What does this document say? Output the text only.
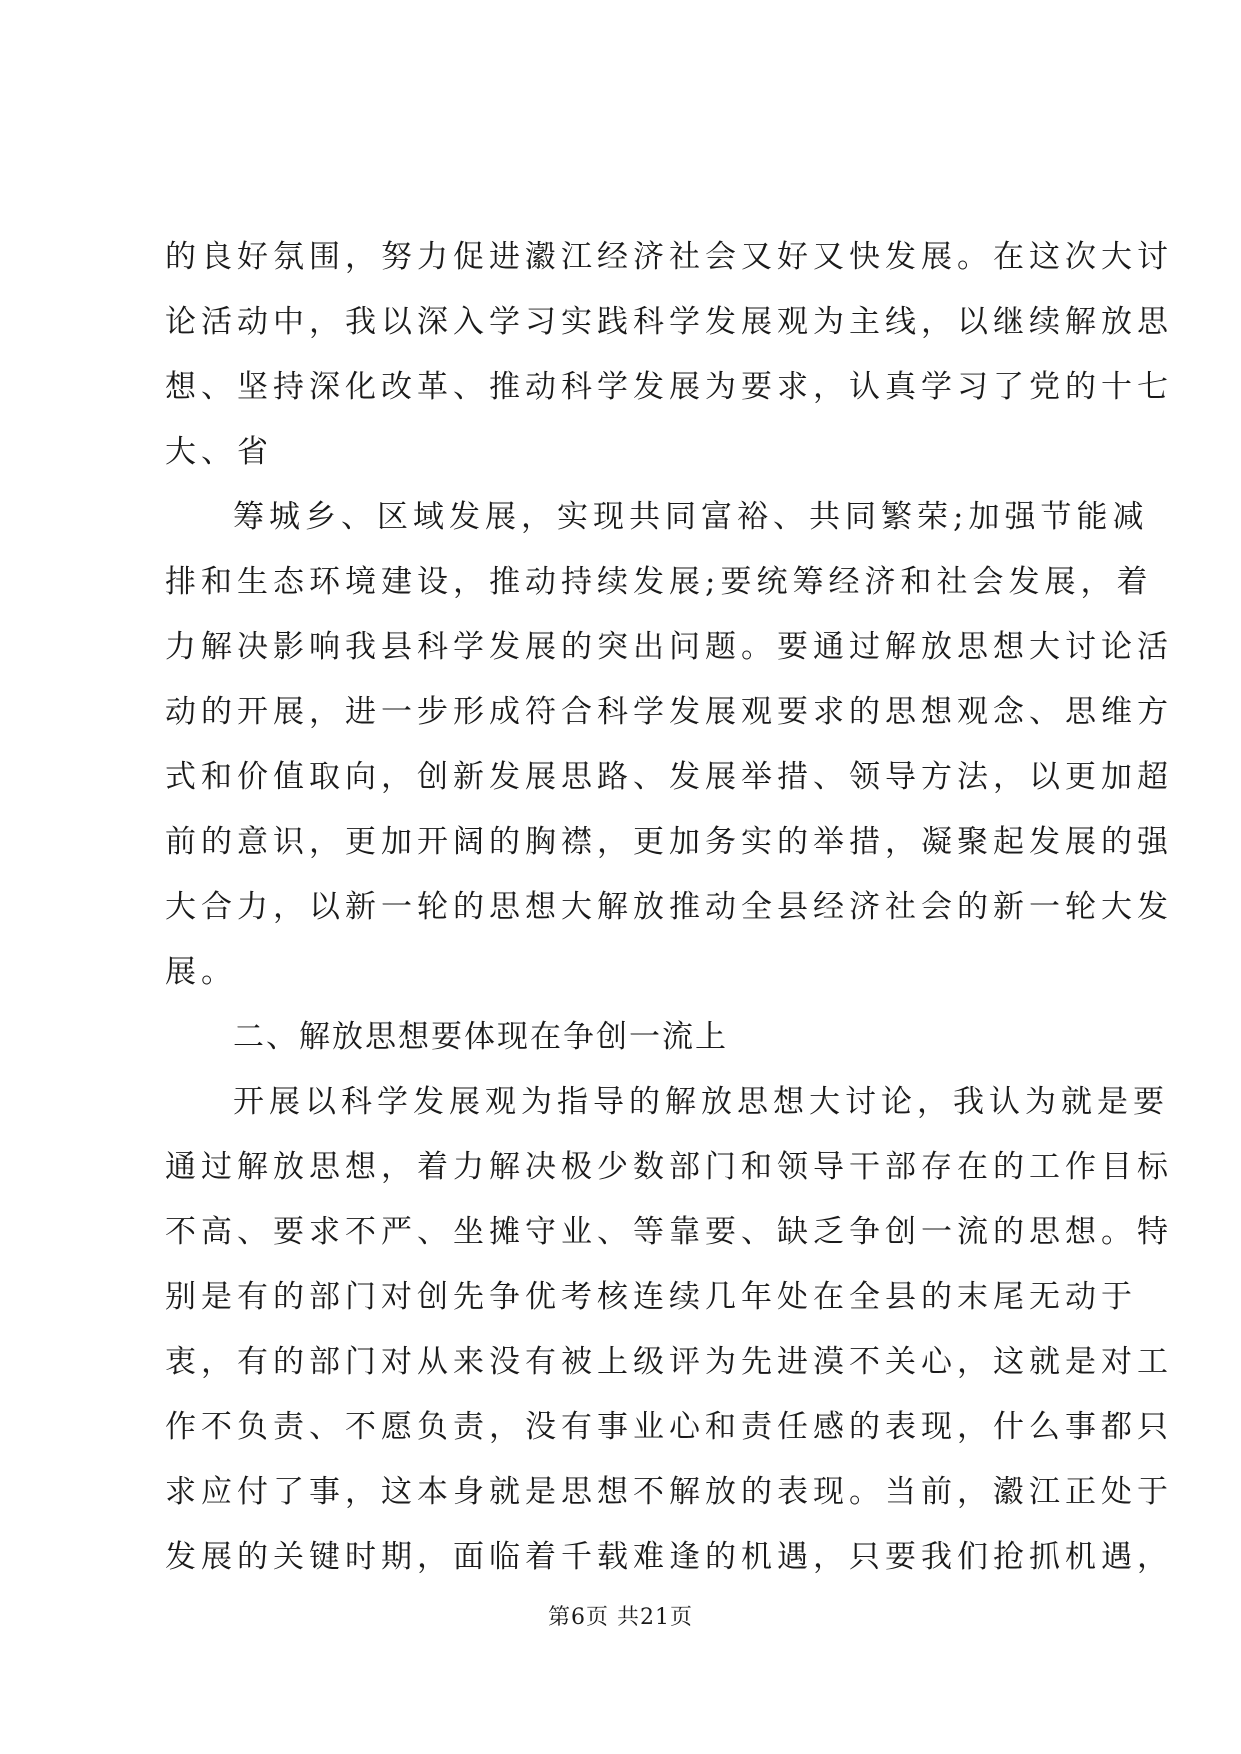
的良好氛围，努力促进瀫江经济社会又好又快发展。在这次大讨
论活动中，我以深入学习实践科学发展观为主线，以继续解放思
想、坚持深化改革、推动科学发展为要求，认真学习了党的十七
大、省
筹城乡、区域发展，实现共同富裕、共同繁荣;加强节能减
排和生态环境建设，推动持续发展;要统筹经济和社会发展，着
力解决影响我县科学发展的突出问题。要通过解放思想大讨论活
动的开展，进一步形成符合科学发展观要求的思想观念、思维方
式和价值取向，创新发展思路、发展举措、领导方法，以更加超
前的意识，更加开阔的胸襟，更加务实的举措，凝聚起发展的强
大合力，以新一轮的思想大解放推动全县经济社会的新一轮大发
展。
二、解放思想要体现在争创一流上
开展以科学发展观为指导的解放思想大讨论，我认为就是要
通过解放思想，着力解决极少数部门和领导干部存在的工作目标
不高、要求不严、坐摊守业、等靠要、缺乏争创一流的思想。特
别是有的部门对创先争优考核连续几年处在全县的末尾无动于
衷，有的部门对从来没有被上级评为先进漠不关心，这就是对工
作不负责、不愿负责，没有事业心和责任感的表现，什么事都只
求应付了事，这本身就是思想不解放的表现。当前，瀫江正处于
发展的关键时期，面临着千载难逢的机遇，只要我们抢抓机遇，
第6页 共21页
